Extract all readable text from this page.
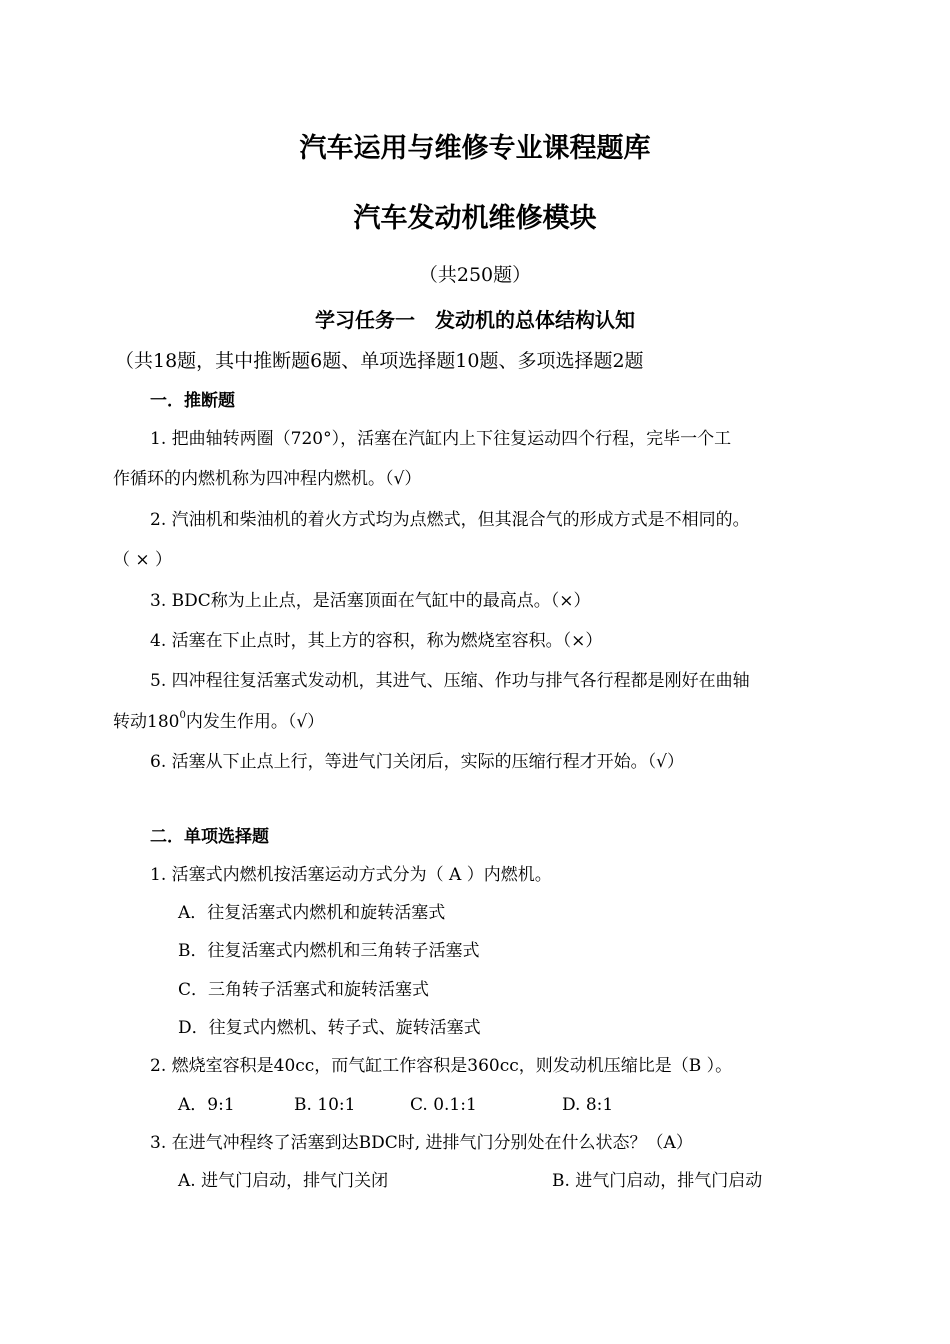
汽车运用与维修专业课程题库
汽车发动机维修模块
（共250题）
学习任务一　发动机的总体结构认知
（共18题，其中推断题6题、单项选择题10题、多项选择题2题
一．推断题
1. 把曲轴转两圈（720°），活塞在汽缸内上下往复运动四个行程，完毕一个工
作循环的内燃机称为四冲程内燃机。（√）
2. 汽油机和柴油机的着火方式均为点燃式，但其混合气的形成方式是不相同的。
（ × ）
3. BDC称为上止点，是活塞顶面在气缸中的最高点。（×）
4. 活塞在下止点时，其上方的容积，称为燃烧室容积。（×）
5. 四冲程往复活塞式发动机，其进气、压缩、作功与排气各行程都是刚好在曲轴
转动$180^0$内发生作用。（√）
6. 活塞从下止点上行，等进气门关闭后，实际的压缩行程才开始。（√）
二．单项选择题
1. 活塞式内燃机按活塞运动方式分为（ A ）内燃机。
A．往复活塞式内燃机和旋转活塞式
B．往复活塞式内燃机和三角转子活塞式
C．三角转子活塞式和旋转活塞式
D．往复式内燃机、转子式、旋转活塞式
2. 燃烧室容积是40cc，而气缸工作容积是360cc，则发动机压缩比是（B ）。
A．9:1	B. 10:1	C. 0.1:1	D. 8:1
3. 在进气冲程终了活塞到达BDC时, 进排气门分别处在什么状态？（A）
A. 进气门启动，排气门关闭	B. 进气门启动，排气门启动
